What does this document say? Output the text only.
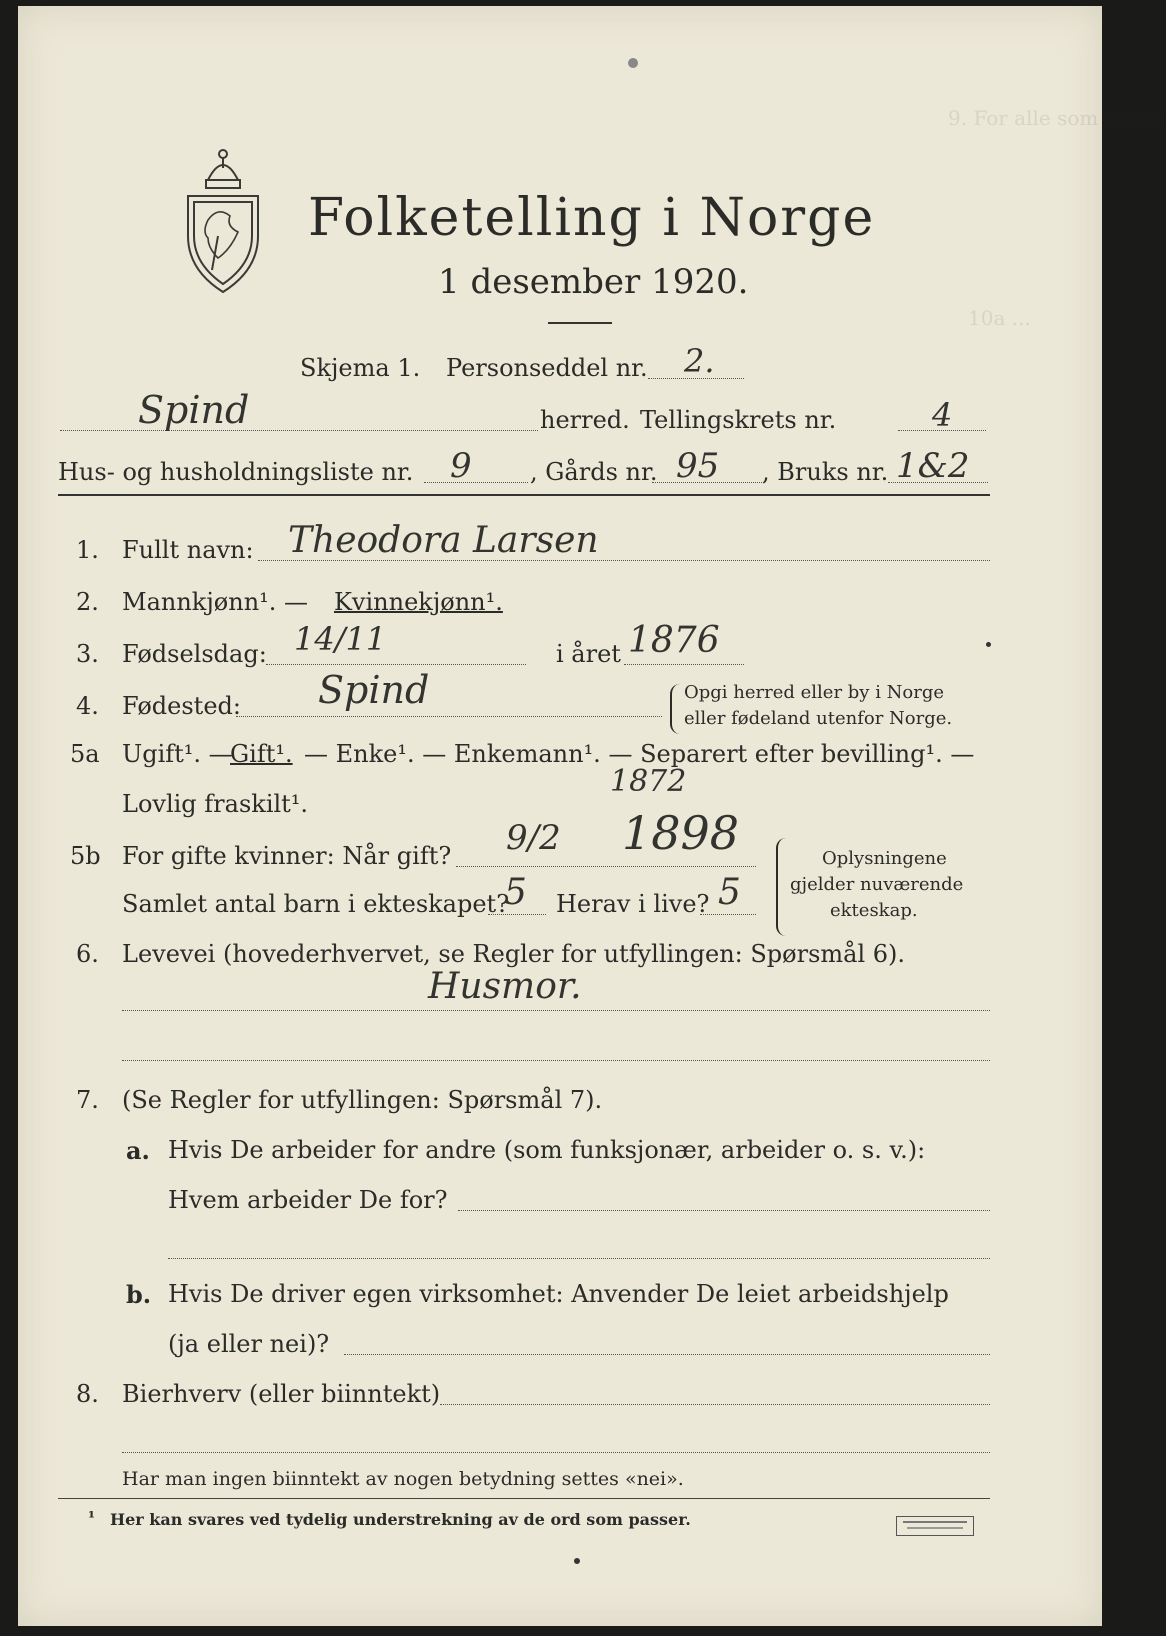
9. For alle som vanlig
10a ...
Folketelling i Norge
1 desember 1920.
Skjema 1. Personseddel nr. 2.
Spind	herred. Tellingskrets nr.	4
Hus- og husholdningsliste nr. 9 , Gårds nr. 95 , Bruks nr. 1&2
1. Fullt navn: Theodora Larsen
2. Mannkjønn¹. — Kvinnekjønn¹.
3. Fødselsdag: 14/11	i året 1876
4. Fødested: Spind	Opgi herred eller by i Norge
eller fødeland utenfor Norge.
5a Ugift¹. —
Gift¹. — Enke¹. — Enkemann¹. — Separert efter bevilling¹. —
Lovlig fraskilt¹.
1872
5b For gifte kvinner: Når gift? 9/2 1898
Samlet antal barn i ekteskapet?
5 Herav i live? 5
Oplysningene
gjelder nuværende
ekteskap.
6. Levevei (hovederhvervet, se Regler for utfyllingen: Spørsmål 6).
Husmor.
7. (Se Regler for utfyllingen: Spørsmål 7).
a. Hvis De arbeider for andre (som funksjonær, arbeider o. s. v.):
Hvem arbeider De for?
b. Hvis De driver egen virksomhet: Anvender De leiet arbeidshjelp
(ja eller nei)?
8. Bierhverv (eller biinntekt)
Har man ingen biinntekt av nogen betydning settes «nei».
¹ Her kan svares ved tydelig understrekning av de ord som passer.
